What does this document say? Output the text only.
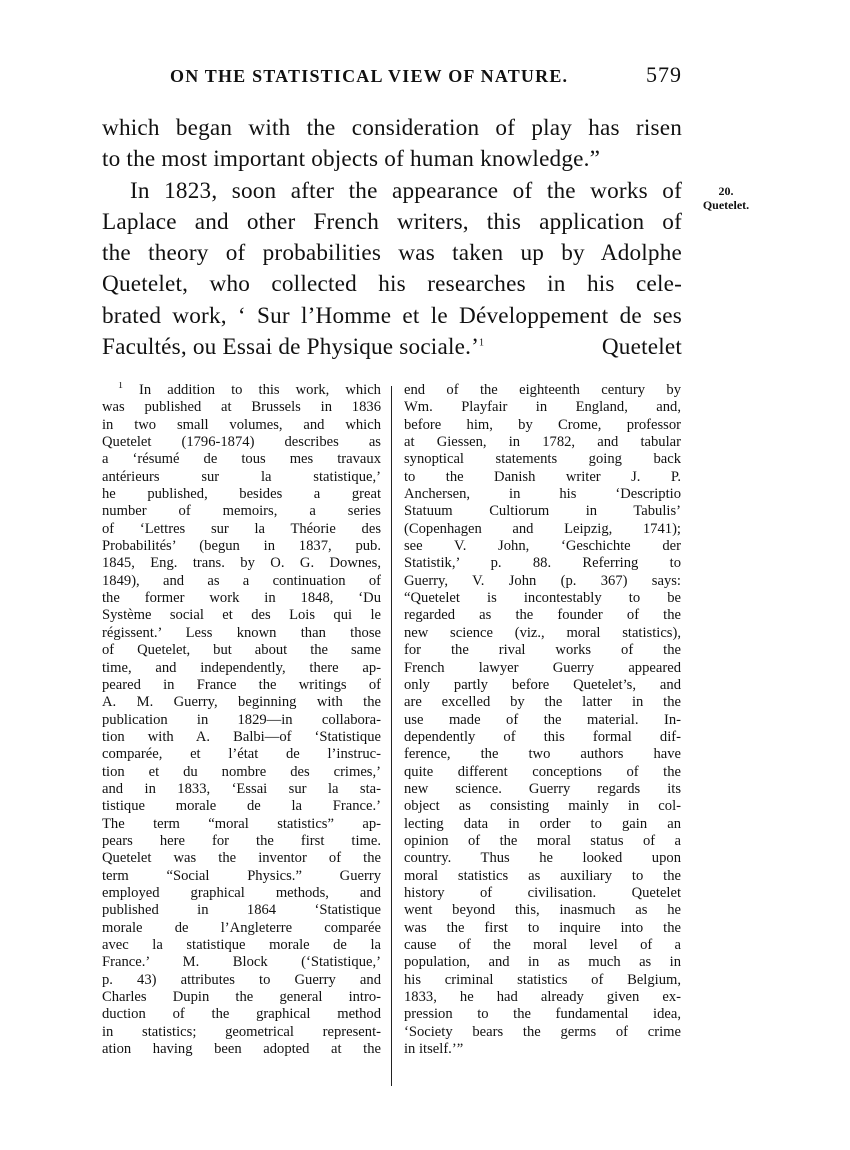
ON THE STATISTICAL VIEW OF NATURE.	579
20.
Quetelet.
which began with the consideration of play has risen
to the most important objects of human knowledge.”
In 1823, soon after the appearance of the works of
Laplace and other French writers, this application of
the theory of probabilities was taken up by Adolphe
Quetelet, who collected his researches in his cele-
brated work, ‘ Sur l’Homme et le Développement de ses
Facultés, ou Essai de Physique sociale.’$^1$	Quetelet
$^1$ In addition to this work, which
was published at Brussels in 1836
in two small volumes, and which
Quetelet (1796-1874) describes as
a ‘résumé de tous mes travaux
antérieurs sur la statistique,’
he published, besides a great
number of memoirs, a series
of ‘Lettres sur la Théorie des
Probabilités’ (begun in 1837, pub.
1845, Eng. trans. by O. G. Downes,
1849), and as a continuation of
the former work in 1848, ‘Du
Système social et des Lois qui le
régissent.’ Less known than those
of Quetelet, but about the same
time, and independently, there ap-
peared in France the writings of
A. M. Guerry, beginning with the
publication in 1829—in collabora-
tion with A. Balbi—of ‘Statistique
comparée, et l’état de l’instruc-
tion et du nombre des crimes,’
and in 1833, ‘Essai sur la sta-
tistique morale de la France.’
The term “moral statistics” ap-
pears here for the first time.
Quetelet was the inventor of the
term “Social Physics.” Guerry
employed graphical methods, and
published in 1864 ‘Statistique
morale de l’Angleterre comparée
avec la statistique morale de la
France.’ M. Block (‘Statistique,’
p. 43) attributes to Guerry and
Charles Dupin the general intro-
duction of the graphical method
in statistics; geometrical represent-
ation having been adopted at the
end of the eighteenth century by
Wm. Playfair in England, and,
before him, by Crome, professor
at Giessen, in 1782, and tabular
synoptical statements going back
to the Danish writer J. P.
Anchersen, in his ‘Descriptio
Statuum Cultiorum in Tabulis’
(Copenhagen and Leipzig, 1741);
see V. John, ‘Geschichte der
Statistik,’ p. 88. Referring to
Guerry, V. John (p. 367) says:
“Quetelet is incontestably to be
regarded as the founder of the
new science (viz., moral statistics),
for the rival works of the
French lawyer Guerry appeared
only partly before Quetelet’s, and
are excelled by the latter in the
use made of the material. In-
dependently of this formal dif-
ference, the two authors have
quite different conceptions of the
new science. Guerry regards its
object as consisting mainly in col-
lecting data in order to gain an
opinion of the moral status of a
country. Thus he looked upon
moral statistics as auxiliary to the
history of civilisation. Quetelet
went beyond this, inasmuch as he
was the first to inquire into the
cause of the moral level of a
population, and in as much as in
his criminal statistics of Belgium,
1833, he had already given ex-
pression to the fundamental idea,
‘Society bears the germs of crime
in itself.’”
